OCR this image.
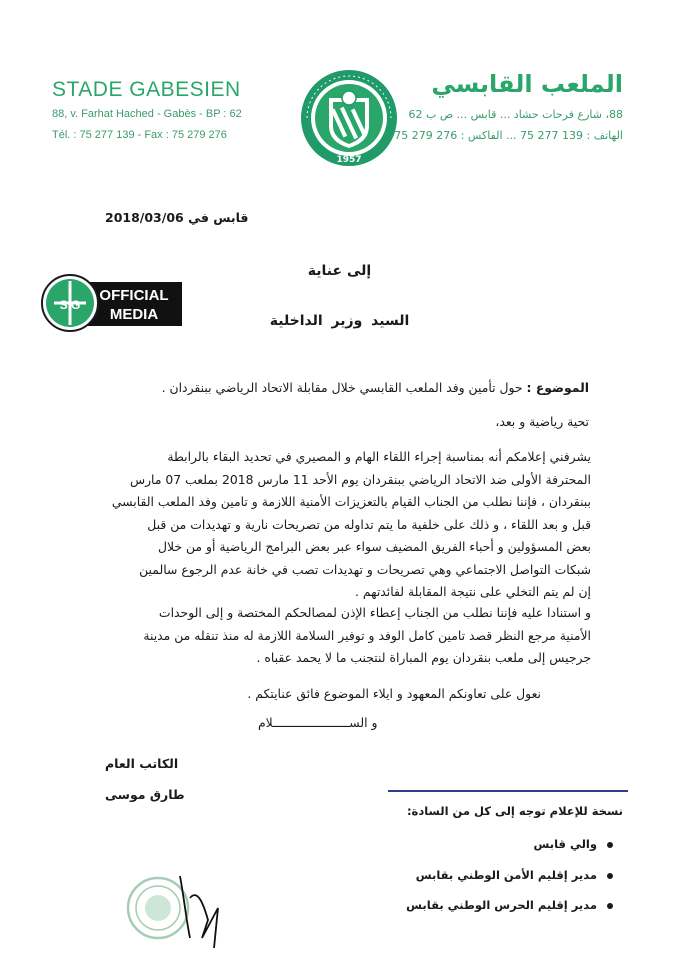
STADE GABESIEN
88, v. Farhat Hached - Gabès - BP : 62
Tél. : 75 277 139 - Fax : 75 279 276
1957
الملعب القابسي
88، شارع فرحات حشاد ... قابس ... ص ب 62
الهاتف : 139 277 75 ... الفاكس : 276 279 75
قابس في 2018/03/06
S.G
OFFICIAL
MEDIA
إلى عناية
السيد وزير الداخلية
الموضوع : حول تأمين وفد الملعب القابسي خلال مقابلة الاتحاد الرياضي ببنقردان .
تحية رياضية و بعد،
يشرفني إعلامكم أنه بمناسبة إجراء اللقاء الهام و المصيري في تحديد البقاء بالرابطة
المحترفة الأولى ضد الاتحاد الرياضي ببنقردان يوم الأحد 11 مارس 2018 بملعب 07 مارس
ببنقردان ، فإننا نطلب من الجناب القيام بالتعزيزات الأمنية اللازمة و تامين وفد الملعب القابسي
قبل و بعد اللقاء ، و ذلك على خلفية ما يتم تداوله من تصريحات نارية و تهديدات من قبل
بعض المسؤولين و أحباء الفريق المضيف سواء عبر بعض البرامج الرياضية أو من خلال
شبكات التواصل الاجتماعي وهي تصريحات و تهديدات تصب في خانة عدم الرجوع سالمين
إن لم يتم التخلي على نتيجة المقابلة لفائدتهم .
و استنادا عليه فإننا نطلب من الجناب إعطاء الإذن لمصالحكم المختصة و إلى الوحدات
الأمنية مرجع النظر قصد تامين كامل الوفد و توفير السلامة اللازمة له منذ تنقله من مدينة
جرجيس إلى ملعب بنقردان يوم المباراة لنتجنب ما لا يحمد عقباه .
نعول على تعاونكم المعهود و ايلاء الموضوع فائق عنايتكم .
و الســـــــــــــــــــــلام
الكاتب العام
طارق موسى
نسخة للإعلام توجه إلى كل من السادة:
والي قابس
مدير إقليم الأمن الوطني بقابس
مدير إقليم الحرس الوطني بقابس
